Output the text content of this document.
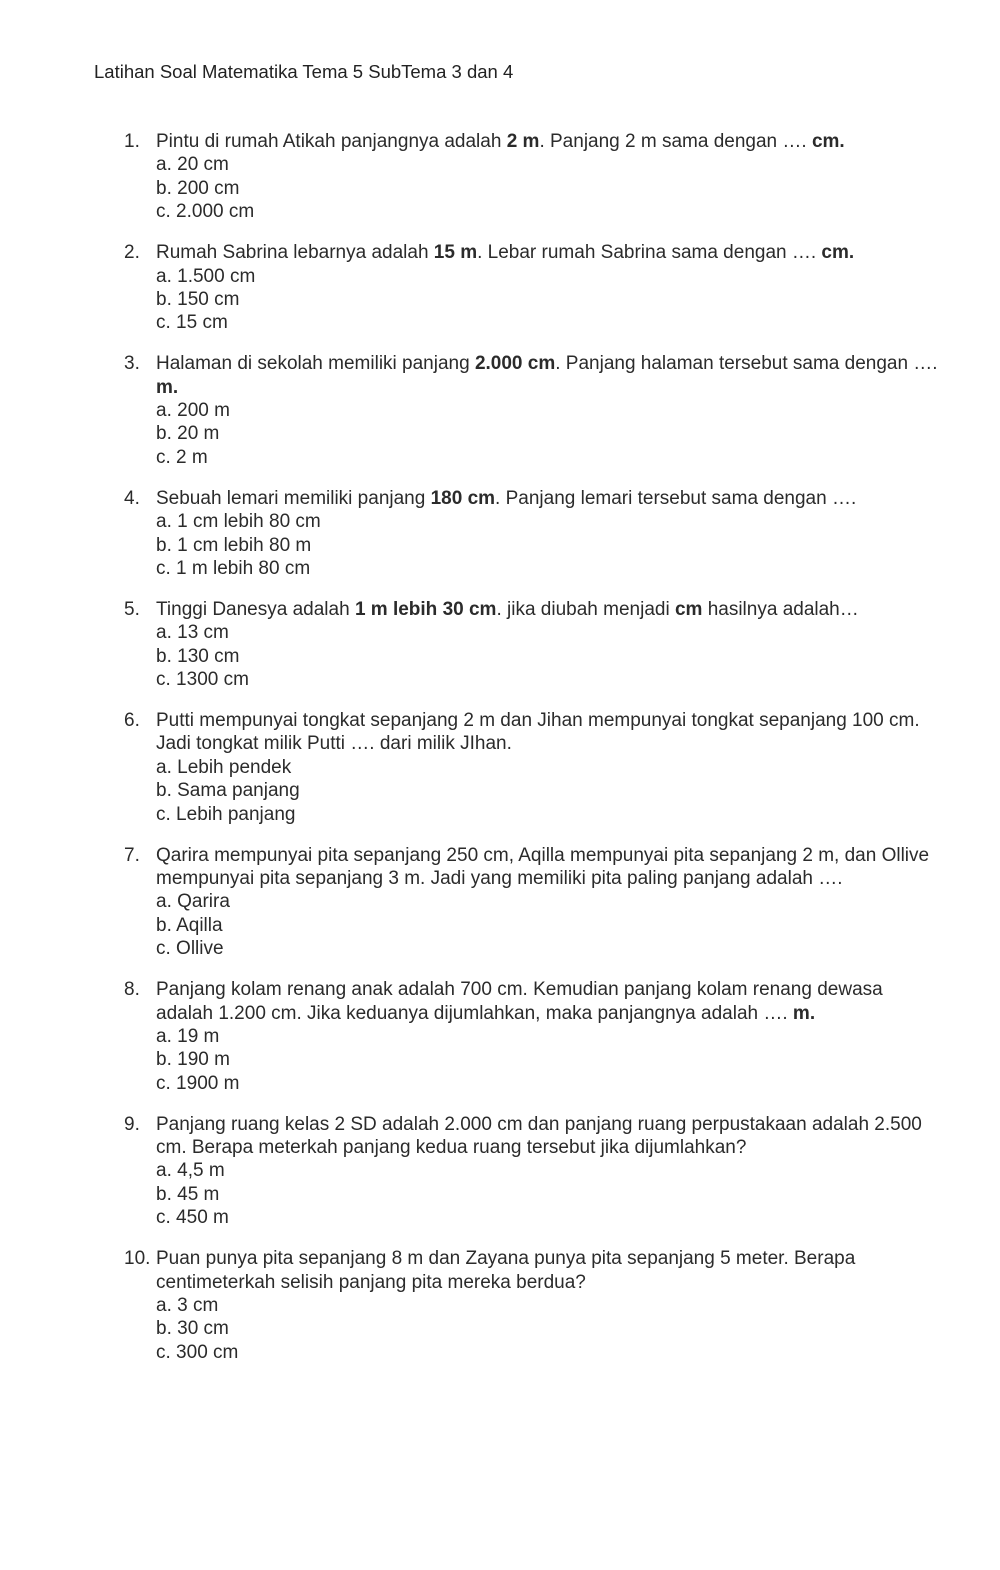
Latihan Soal Matematika Tema 5 SubTema 3 dan 4
1. Pintu di rumah Atikah panjangnya adalah 2 m. Panjang 2 m sama dengan …. cm.
a. 20 cm
b. 200 cm
c. 2.000 cm
2. Rumah Sabrina lebarnya adalah 15 m. Lebar rumah Sabrina sama dengan …. cm.
a. 1.500 cm
b. 150 cm
c. 15 cm
3. Halaman di sekolah memiliki panjang 2.000 cm. Panjang halaman tersebut sama dengan …. m.
a. 200 m
b. 20 m
c. 2 m
4. Sebuah lemari memiliki panjang 180 cm. Panjang lemari tersebut sama dengan ….
a. 1 cm lebih 80 cm
b. 1 cm lebih 80 m
c. 1 m lebih 80 cm
5. Tinggi Danesya adalah 1 m lebih 30 cm. jika diubah menjadi cm hasilnya adalah…
a. 13 cm
b. 130 cm
c. 1300 cm
6. Putti mempunyai tongkat sepanjang 2 m dan Jihan mempunyai tongkat sepanjang 100 cm. Jadi tongkat milik Putti …. dari milik JIhan.
a. Lebih pendek
b. Sama panjang
c. Lebih panjang
7. Qarira mempunyai pita sepanjang 250 cm, Aqilla mempunyai pita sepanjang 2 m, dan Ollive mempunyai pita sepanjang 3 m. Jadi yang memiliki pita paling panjang adalah ….
a. Qarira
b. Aqilla
c. Ollive
8. Panjang kolam renang anak adalah 700 cm. Kemudian panjang kolam renang dewasa adalah 1.200 cm. Jika keduanya dijumlahkan, maka panjangnya adalah …. m.
a. 19 m
b. 190 m
c. 1900 m
9. Panjang ruang kelas 2 SD adalah 2.000 cm dan panjang ruang perpustakaan adalah 2.500 cm. Berapa meterkah panjang kedua ruang tersebut jika dijumlahkan?
a. 4,5 m
b. 45 m
c. 450 m
10. Puan punya pita sepanjang 8 m dan Zayana punya pita sepanjang 5 meter. Berapa centimeterkah selisih panjang pita mereka berdua?
a. 3 cm
b. 30 cm
c. 300 cm
